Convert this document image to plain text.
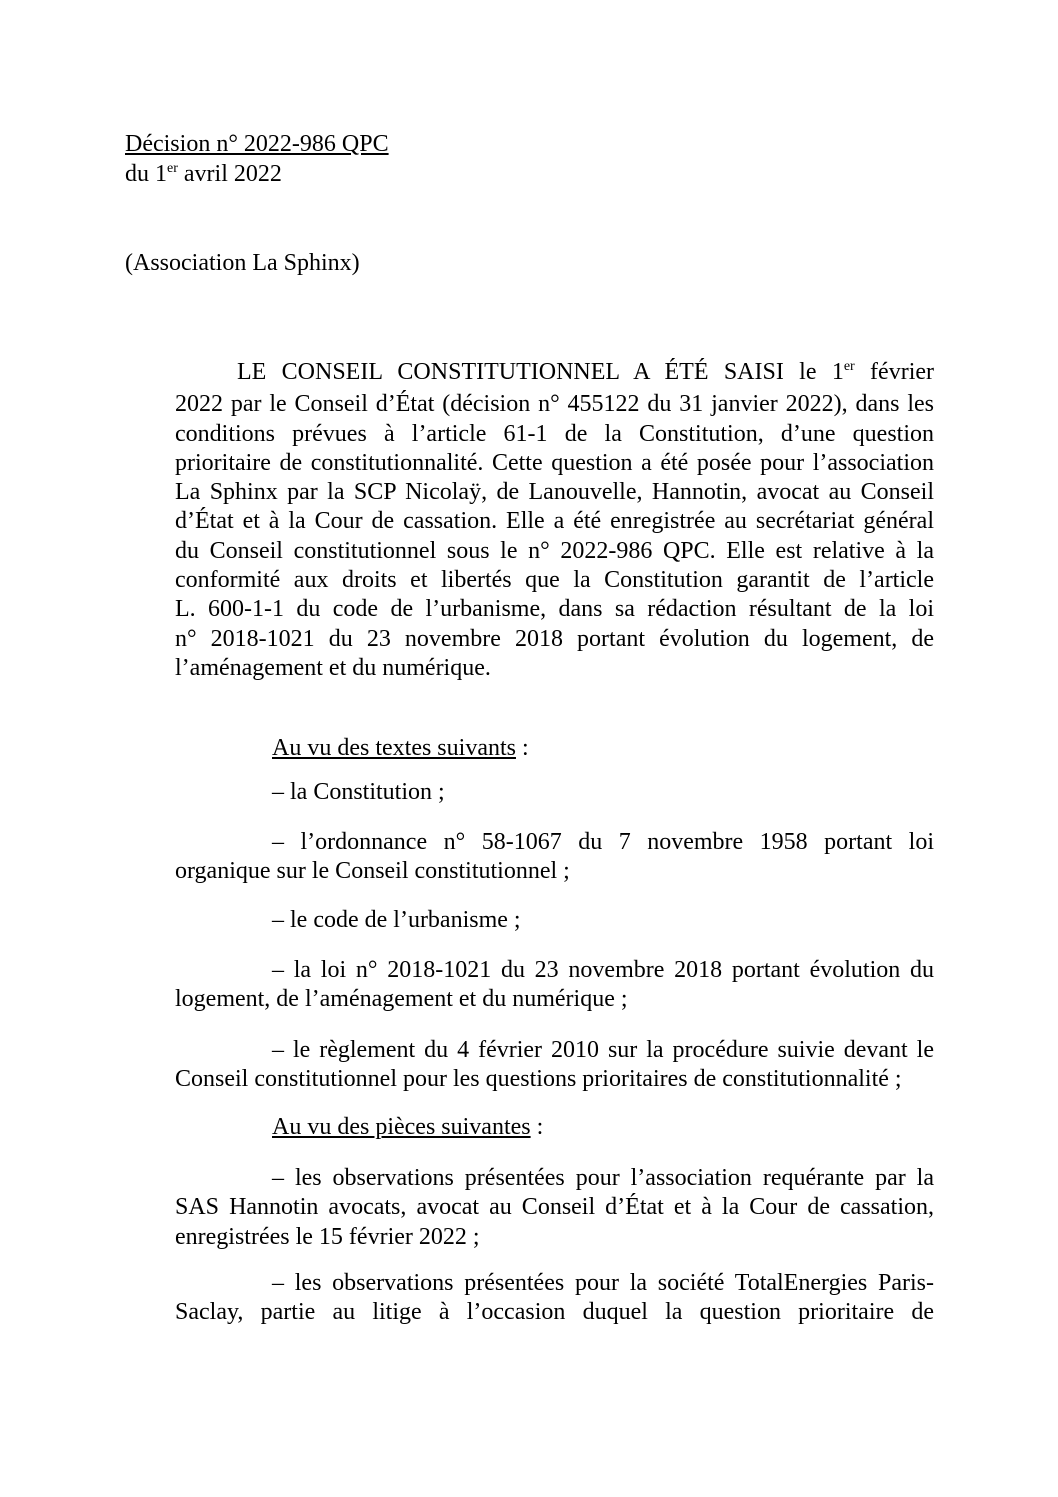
Décision n° 2022-986 QPC
du 1er avril 2022
(Association La Sphinx)
LE CONSEIL CONSTITUTIONNEL A ÉTÉ SAISI le 1er février
2022 par le Conseil d’État (décision n° 455122 du 31 janvier 2022), dans les
conditions prévues à l’article 61-1 de la Constitution, d’une question
prioritaire de constitutionnalité. Cette question a été posée pour l’association
La Sphinx par la SCP Nicolaÿ, de Lanouvelle, Hannotin, avocat au Conseil
d’État et à la Cour de cassation. Elle a été enregistrée au secrétariat général
du Conseil constitutionnel sous le n° 2022-986 QPC. Elle est relative à la
conformité aux droits et libertés que la Constitution garantit de l’article
L. 600-1-1 du code de l’urbanisme, dans sa rédaction résultant de la loi
n° 2018-1021 du 23 novembre 2018 portant évolution du logement, de
l’aménagement et du numérique.
Au vu des textes suivants :
– la Constitution ;
– l’ordonnance n° 58-1067 du 7 novembre 1958 portant loi
organique sur le Conseil constitutionnel ;
– le code de l’urbanisme ;
– la loi n° 2018-1021 du 23 novembre 2018 portant évolution du
logement, de l’aménagement et du numérique ;
– le règlement du 4 février 2010 sur la procédure suivie devant le
Conseil constitutionnel pour les questions prioritaires de constitutionnalité ;
Au vu des pièces suivantes :
– les observations présentées pour l’association requérante par la
SAS Hannotin avocats, avocat au Conseil d’État et à la Cour de cassation,
enregistrées le 15 février 2022 ;
– les observations présentées pour la société TotalEnergies Paris-
Saclay, partie au litige à l’occasion duquel la question prioritaire de
